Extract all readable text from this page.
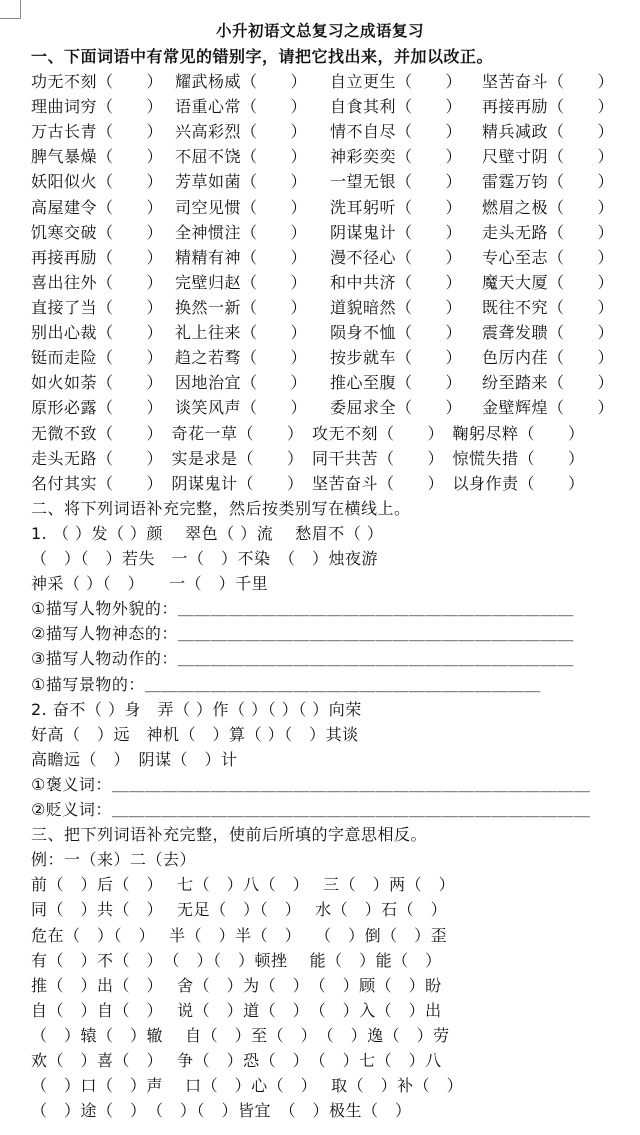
小升初语文总复习之成语复习
一、下面词语中有常见的错别字，请把它找出来，并加以改正。
功无不刻（　　） 耀武杨威（　　） 自立更生（　　） 坚苦奋斗（　　）
理曲词穷（　　） 语重心常（　　） 自食其利（　　） 再接再励（　　）
万古长青（　　） 兴高彩烈（　　） 情不自尽（　　） 精兵减政（　　）
脾气暴燥（　　） 不屈不饶（　　） 神彩奕奕（　　） 尺壁寸阴（　　）
妖阳似火（　　） 芳草如菌（　　） 一望无银（　　） 雷霆万钧（　　）
高屋建令（　　） 司空见惯（　　） 洗耳躬听（　　） 燃眉之极（　　）
饥寒交破（　　） 全神惯注（　　） 阴谋鬼计（　　） 走头无路（　　）
再接再励（　　） 精精有神（　　） 漫不径心（　　） 专心至志（　　）
喜出往外（　　） 完壁归赵（　　） 和中共济（　　） 魔天大厦（　　）
直接了当（　　） 换然一新（　　） 道貌暗然（　　） 既往不究（　　）
别出心裁（　　） 礼上往来（　　） 陨身不恤（　　） 震聋发聩（　　）
铤而走险（　　） 趋之若骛（　　） 按步就车（　　） 色厉内荏（　　）
如火如荼（　　） 因地治宜（　　） 推心至腹（　　） 纷至踏来（　　）
原形必露（　　） 谈笑风声（　　） 委屈求全（　　） 金壁辉煌（　　）
无微不致（　　）　奇花一草（　　）　攻无不刻（　　）　鞠躬尽粹（　　）
走头无路（　　）　实是求是（　　）　同干共苦（　　）　惊慌失措（　　）
名付其实（　　）　阴谋鬼计（　　）　坚苦奋斗（　　）　以身作责（　　）
二、将下列词语补充完整，然后按类别写在横线上。
1. （ ）发（ ）颜　 翠色（ ）流　 愁眉不（ ）
（　）（　）若失　一（　）不染　（　）烛夜游
神采（ ）（　）　　一（　）千里
①描写人物外貌的：＿＿＿＿＿＿＿＿＿＿＿＿＿＿＿＿＿＿＿＿＿＿＿＿
②描写人物神态的：＿＿＿＿＿＿＿＿＿＿＿＿＿＿＿＿＿＿＿＿＿＿＿＿
③描写人物动作的：＿＿＿＿＿＿＿＿＿＿＿＿＿＿＿＿＿＿＿＿＿＿＿＿
①描写景物的：＿＿＿＿＿＿＿＿＿＿＿＿＿＿＿＿＿＿＿＿＿＿＿＿
2. 奋不（ ）身　弄（ ）作（ ）（ ）（ ）向荣
好高（　）远　神机（　）算（ ）（　）其谈
高瞻远（　）　阴谋（　）计
①褒义词：＿＿＿＿＿＿＿＿＿＿＿＿＿＿＿＿＿＿＿＿＿＿＿＿＿＿＿＿＿
②贬义词：＿＿＿＿＿＿＿＿＿＿＿＿＿＿＿＿＿＿＿＿＿＿＿＿＿＿＿＿＿
三、把下列词语补充完整，使前后所填的字意思相反。
例：一（来）二（去）
前（　）后（　）　 七（　）八（　）　 三（　）两（　）
同（　）共（　）　 无足（　）（　）　 水（　）石（　）
危在（　）（　）　 半（　）半（　）　 （　）倒（　）歪
有（　）不（　）　（　）（　）顿挫　 能（　）能（　）
推（　）出（　）　 舍（　）为（　）　（　）顾（　）盼
自（　）自（　）　 说（　）道（　）　（　）入（　）出
（　）辕（　）辙　 自（　）至（　）　（　）逸（　）劳
欢（　）喜（　）　 争（　）恐（　）　（　）七（　）八
（　）口（　）声　 口（　）心（　）　 取（　）补（　）
（　）途（　）　（　）（　）皆宜　（　）极生（　）
